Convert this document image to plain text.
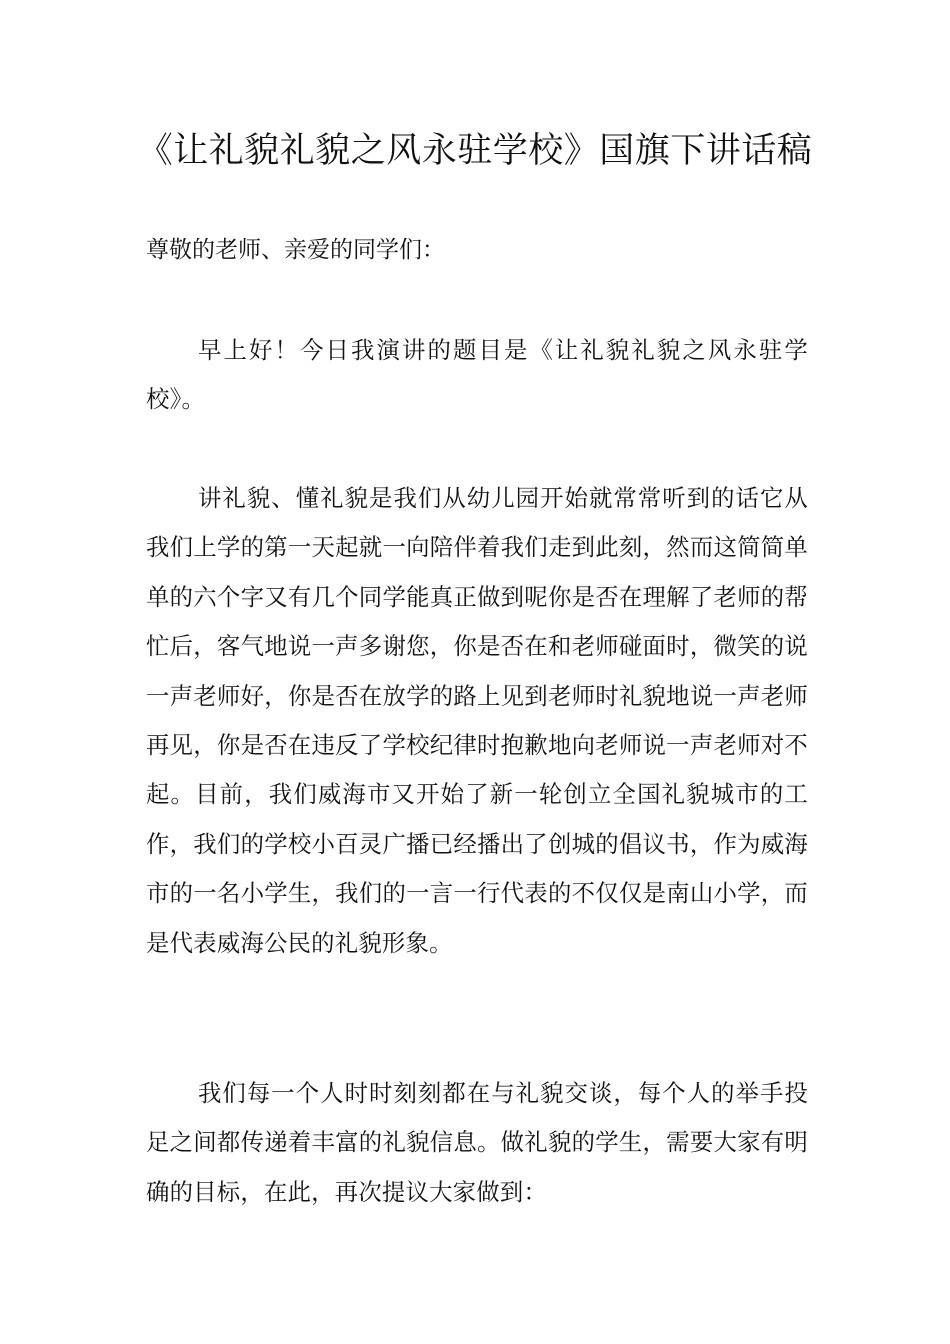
《让礼貌礼貌之风永驻学校》国旗下讲话稿

尊敬的老师、亲爱的同学们：

早上好！今日我演讲的题目是《让礼貌礼貌之风永驻学校》。

讲礼貌、懂礼貌是我们从幼儿园开始就常常听到的话它从我们上学的第一天起就一向陪伴着我们走到此刻，然而这简简单单的六个字又有几个同学能真正做到呢你是否在理解了老师的帮忙后，客气地说一声多谢您，你是否在和老师碰面时，微笑的说一声老师好，你是否在放学的路上见到老师时礼貌地说一声老师再见，你是否在违反了学校纪律时抱歉地向老师说一声老师对不起。目前，我们威海市又开始了新一轮创立全国礼貌城市的工作，我们的学校小百灵广播已经播出了创城的倡议书，作为威海市的一名小学生，我们的一言一行代表的不仅仅是南山小学，而是代表威海公民的礼貌形象。

我们每一个人时时刻刻都在与礼貌交谈，每个人的举手投足之间都传递着丰富的礼貌信息。做礼貌的学生，需要大家有明确的目标，在此，再次提议大家做到：
